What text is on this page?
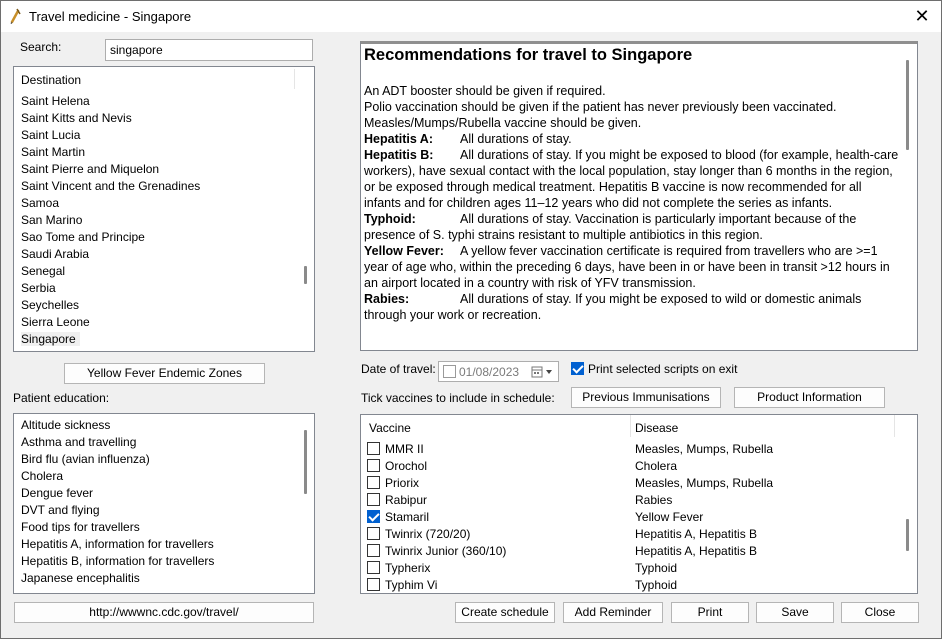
Travel medicine - Singapore	✕
Search:
singapore
Destination
Saint Helena
Saint Kitts and Nevis
Saint Lucia
Saint Martin
Saint Pierre and Miquelon
Saint Vincent and the Grenadines
Samoa
San Marino
Sao Tome and Principe
Saudi Arabia
Senegal
Serbia
Seychelles
Sierra Leone
Singapore
Yellow Fever Endemic Zones
Patient education:
Altitude sickness
Asthma and travelling
Bird flu (avian influenza)
Cholera
Dengue fever
DVT and flying
Food tips for travellers
Hepatitis A, information for travellers
Hepatitis B, information for travellers
Japanese encephalitis
http://wwwnc.cdc.gov/travel/
Recommendations for travel to Singapore

An ADT booster should be given if required.

Polio vaccination should be given if the patient has never previously been vaccinated.

Measles/Mumps/Rubella vaccine should be given.

Hepatitis A: All durations of stay.

Hepatitis B: All durations of stay. If you might be exposed to blood (for example, health-care workers), have sexual contact with the local population, stay longer than 6 months in the region, or be exposed through medical treatment. Hepatitis B vaccine is now recommended for all infants and for children ages 11–12 years who did not complete the series as infants.

Typhoid:	All durations of stay. Vaccination is particularly important because of the presence of S. typhi strains resistant to multiple antibiotics in this region.

Yellow Fever: A yellow fever vaccination certificate is required from travellers who are >=1 year of age who, within the preceding 6 days, have been in or have been in transit >12 hours in an airport located in a country with risk of YFV transmission.

Rabies:	All durations of stay. If you might be exposed to wild or domestic animals through your work or recreation.

Date of travel: 01/08/2023	Print selected scripts on exit
Tick vaccines to include in schedule:	Previous Immunisations	Product Information
Vaccine	Disease
MMR II	Measles, Mumps, Rubella
Orochol	Cholera
Priorix	Measles, Mumps, Rubella
Rabipur	Rabies
Stamaril	Yellow Fever
Twinrix (720/20)	Hepatitis A, Hepatitis B
Twinrix Junior (360/10)	Hepatitis A, Hepatitis B
Typherix	Typhoid
Typhim Vi	Typhoid
Create schedule	Add Reminder	Print	Save	Close
